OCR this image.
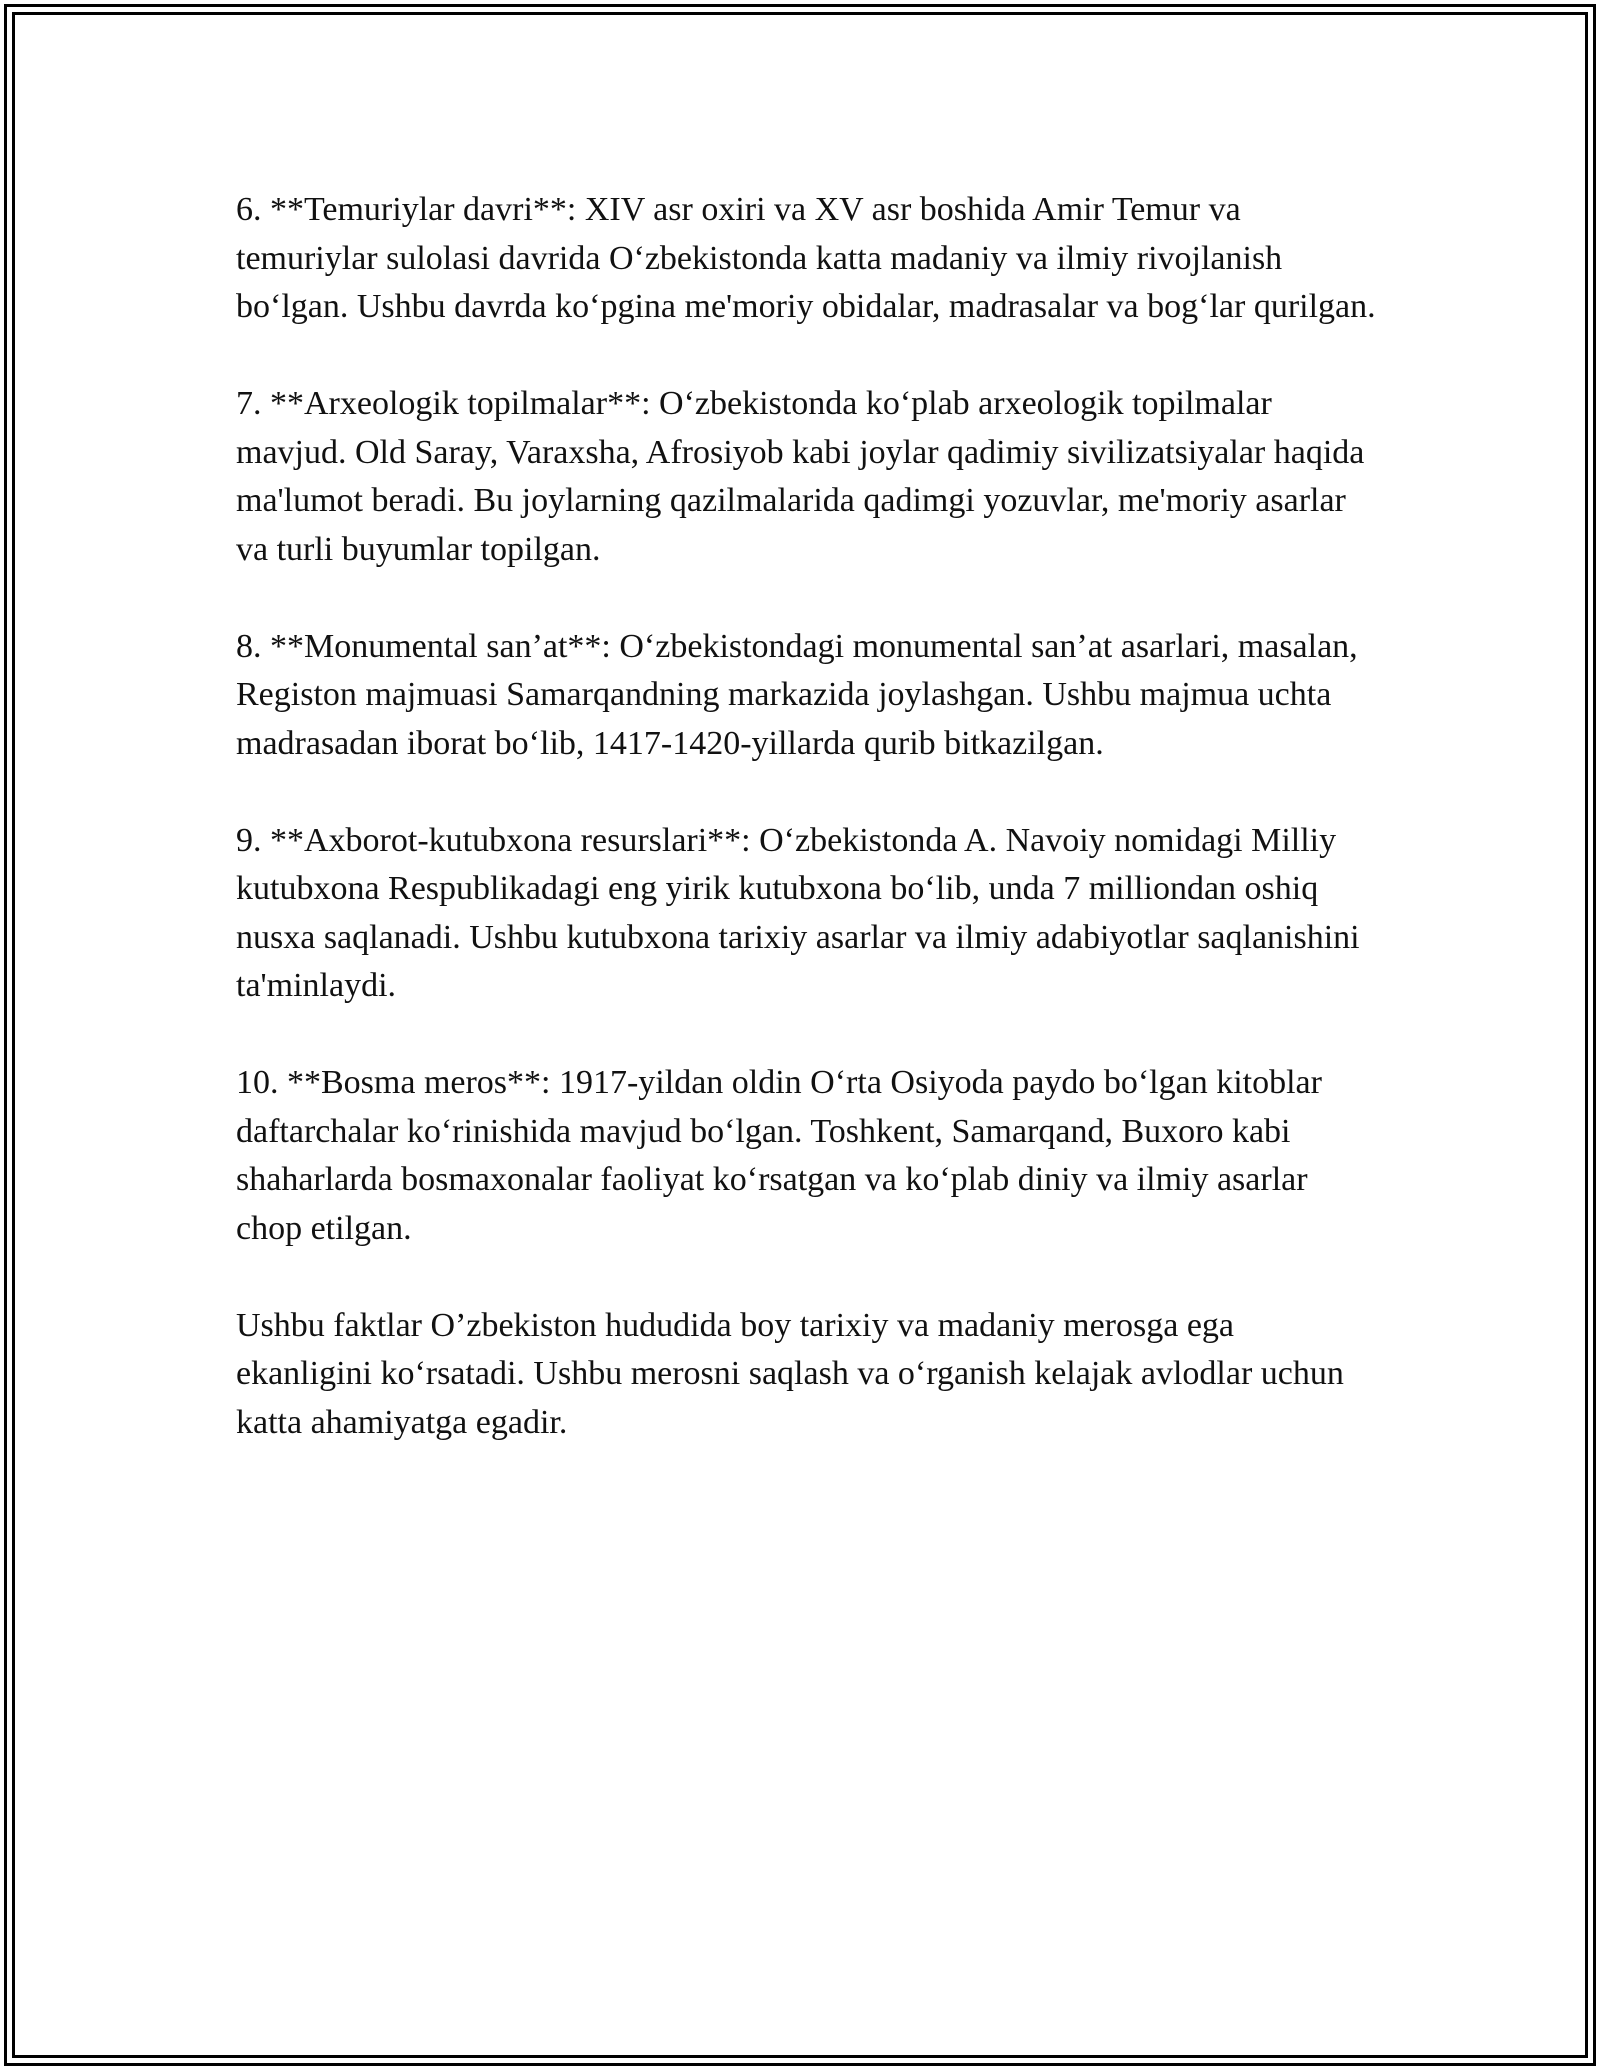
6. **Temuriylar davri**: XIV asr oxiri va XV asr boshida Amir Temur va temuriylar sulolasi davrida O‘zbekistonda katta madaniy va ilmiy rivojlanish bo‘lgan. Ushbu davrda ko‘pgina me'moriy obidalar, madrasalar va bog‘lar qurilgan.

7. **Arxeologik topilmalar**: O‘zbekistonda ko‘plab arxeologik topilmalar mavjud. Old Saray, Varaxsha, Afrosiyob kabi joylar qadimiy sivilizatsiyalar haqida ma'lumot beradi. Bu joylarning qazilmalarida qadimgi yozuvlar, me'moriy asarlar va turli buyumlar topilgan.

8. **Monumental san’at**: O‘zbekistondagi monumental san’at asarlari, masalan, Registon majmuasi Samarqandning markazida joylashgan. Ushbu majmua uchta madrasadan iborat bo‘lib, 1417-1420-yillarda qurib bitkazilgan.

9. **Axborot-kutubxona resurslari**: O‘zbekistonda A. Navoiy nomidagi Milliy kutubxona Respublikadagi eng yirik kutubxona bo‘lib, unda 7 milliondan oshiq nusxa saqlanadi. Ushbu kutubxona tarixiy asarlar va ilmiy adabiyotlar saqlanishini ta'minlaydi.

10. **Bosma meros**: 1917-yildan oldin O‘rta Osiyoda paydo bo‘lgan kitoblar daftarchalar ko‘rinishida mavjud bo‘lgan. Toshkent, Samarqand, Buxoro kabi shaharlarda bosmaxonalar faoliyat ko‘rsatgan va ko‘plab diniy va ilmiy asarlar chop etilgan.

Ushbu faktlar O’zbekiston hududida boy tarixiy va madaniy merosga ega ekanligini ko‘rsatadi. Ushbu merosni saqlash va o‘rganish kelajak avlodlar uchun katta ahamiyatga egadir.
